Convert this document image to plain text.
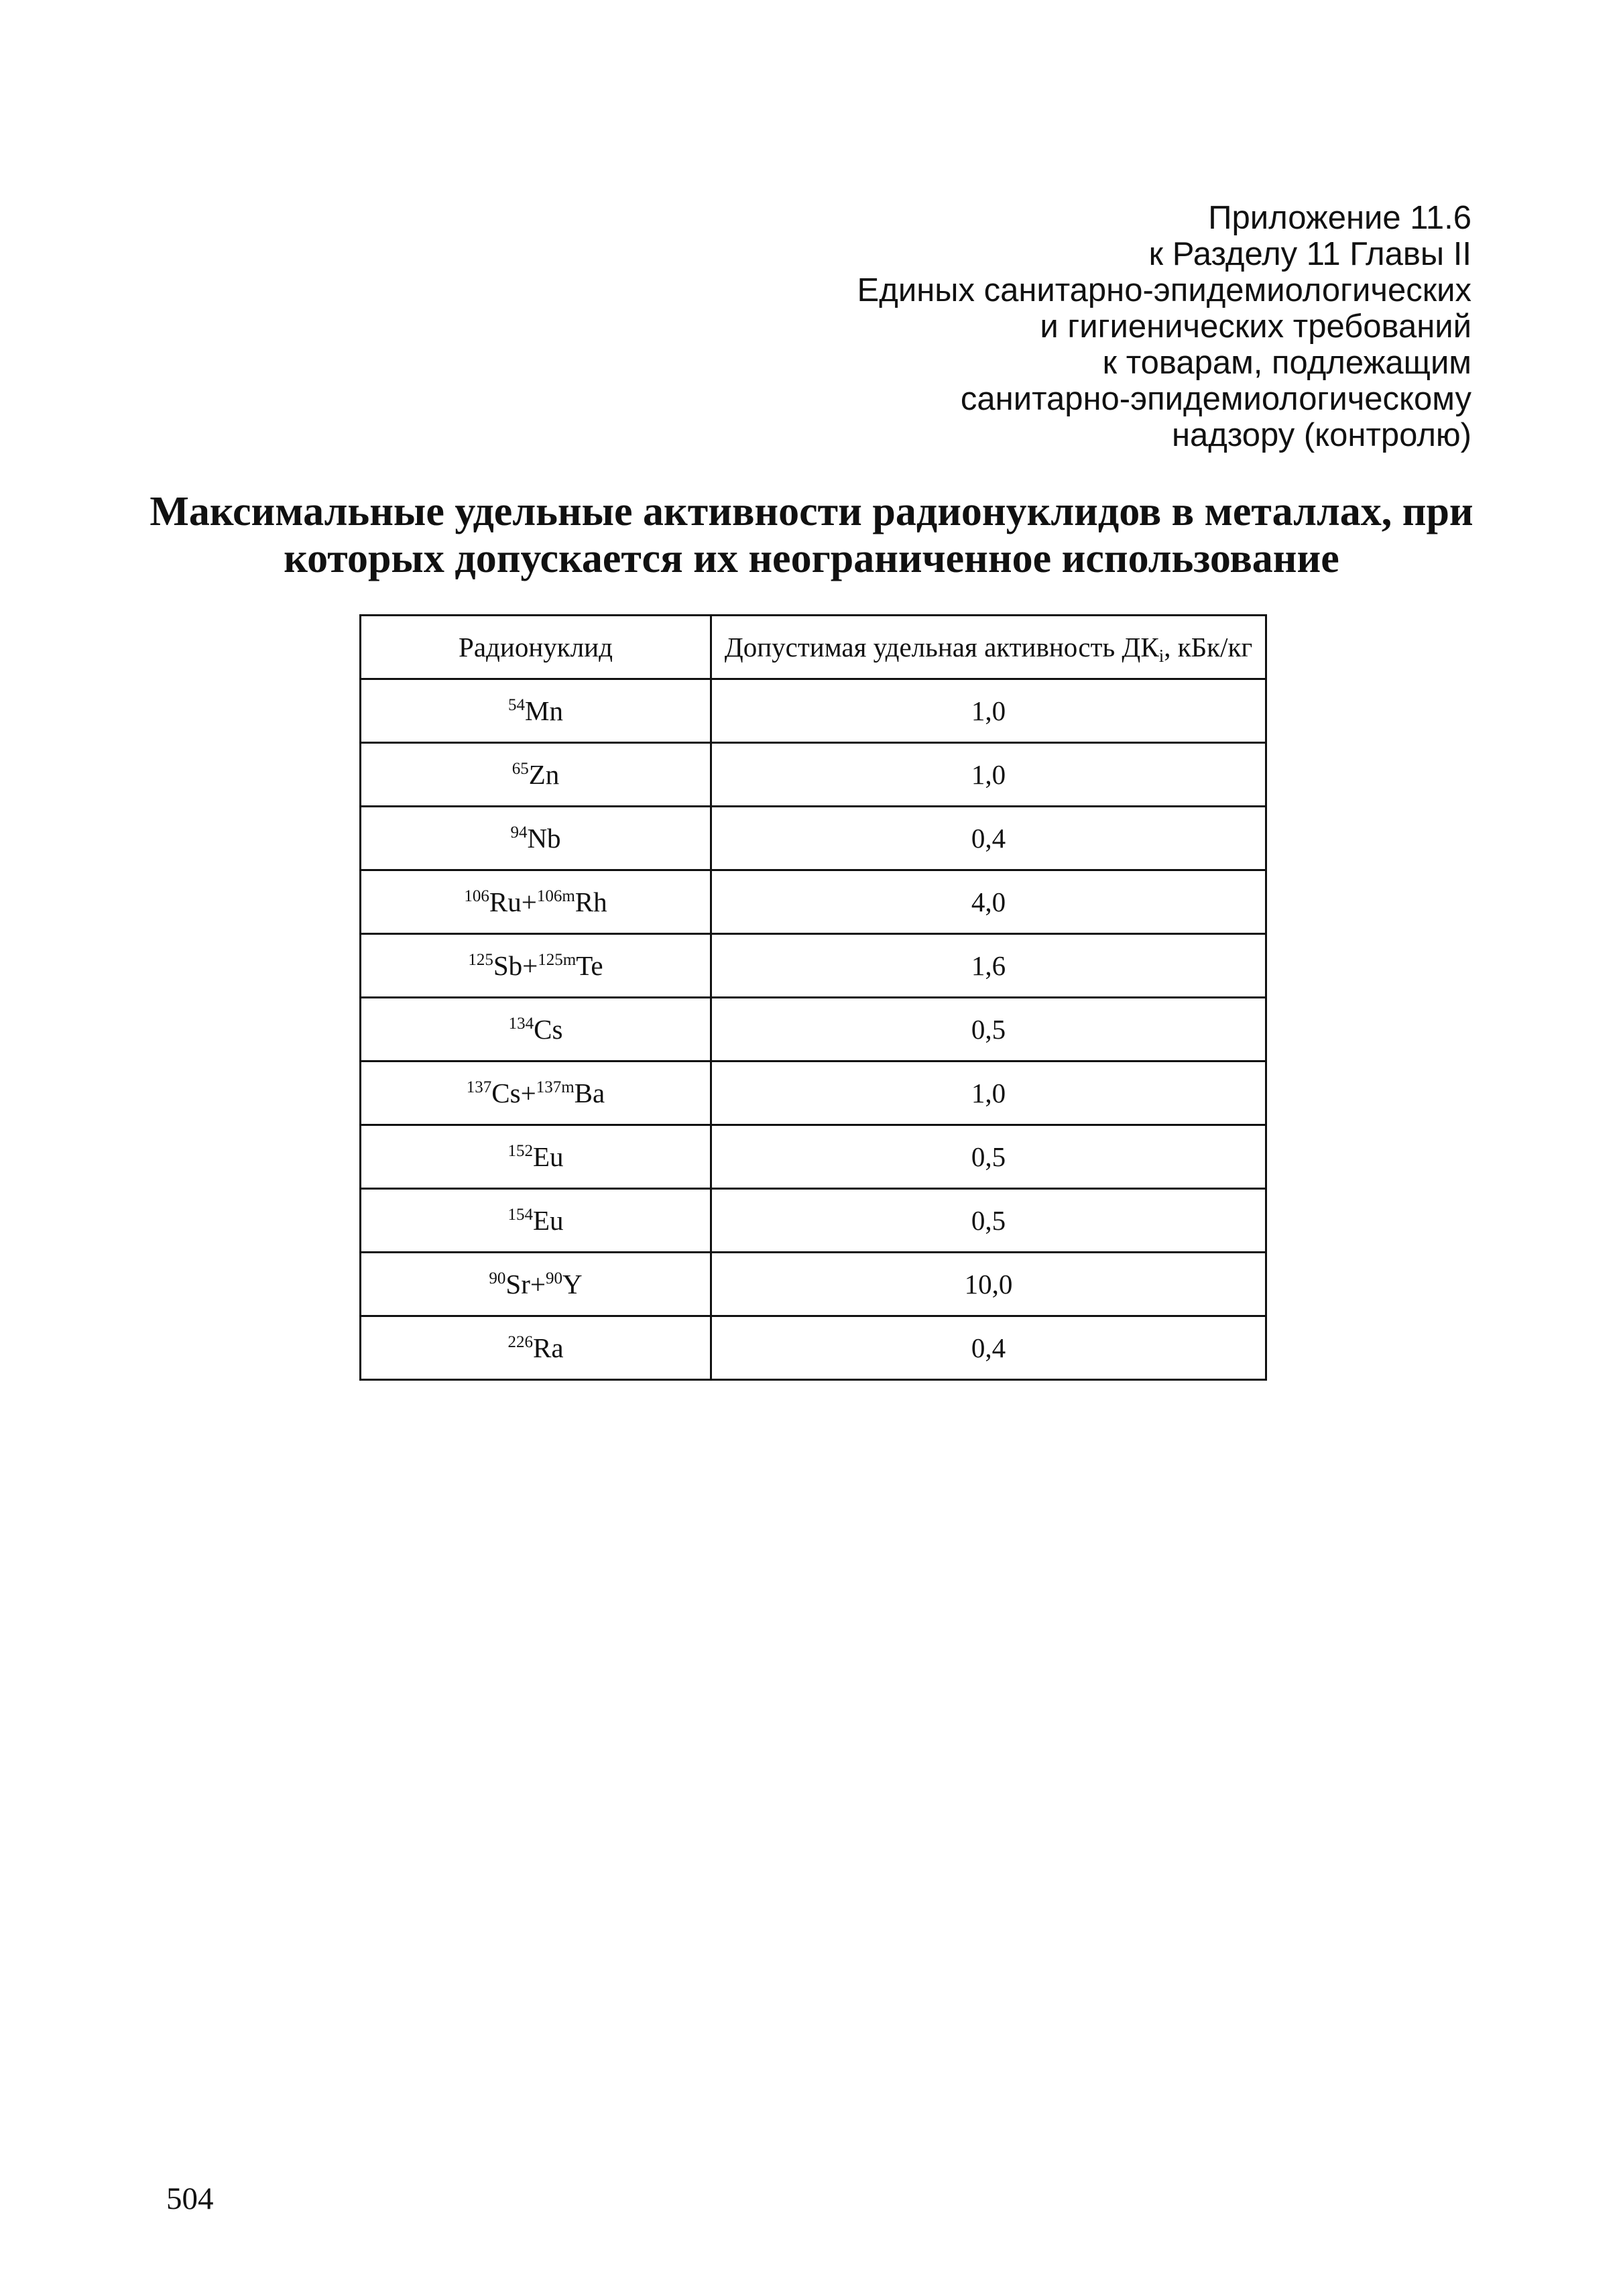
Приложение 11.6
к Разделу 11 Главы II
Единых санитарно-эпидемиологических
и гигиенических требований
к товарам, подлежащим
санитарно-эпидемиологическому
надзору (контролю)
Максимальные удельные активности радионуклидов в металлах, при
которых допускается их неограниченное использование
Радионуклид	Допустимая удельная активность $ДК_i$, кБк/кг
$^{54}$Mn	1,0
$^{65}$Zn	1,0
$^{94}$Nb	0,4
$^{106}$Ru+$^{106m}$Rh	4,0
$^{125}$Sb+$^{125m}$Te	1,6
$^{134}$Cs	0,5
$^{137}$Cs+$^{137m}$Ba	1,0
$^{152}$Eu	0,5
$^{154}$Eu	0,5
$^{90}$Sr+$^{90}$Y	10,0
$^{226}$Ra	0,4
504
